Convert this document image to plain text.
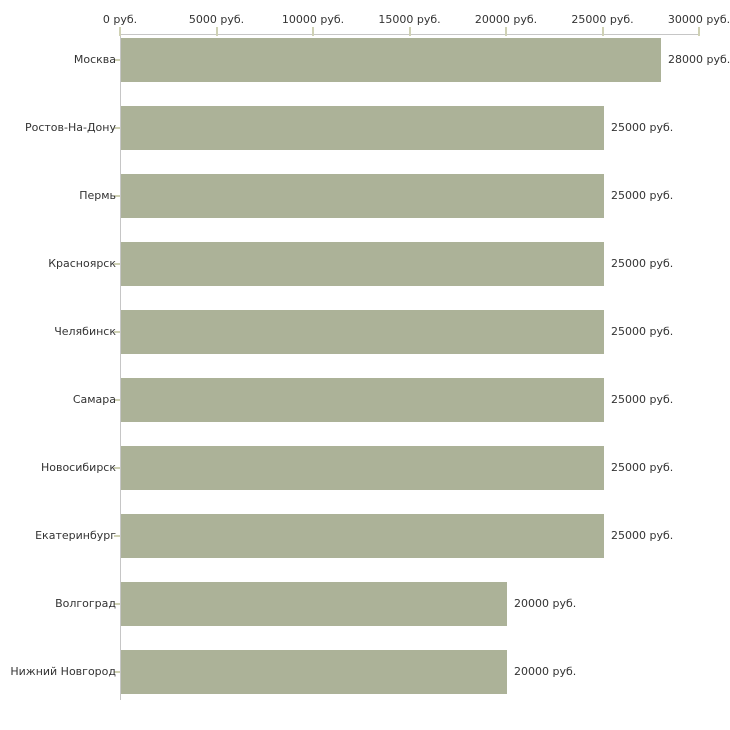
0 руб.	5000 руб.	10000 руб.	15000 руб.	20000 руб.	25000 руб.	30000 руб.
Москва	28000 руб.
Ростов-На-Дону	25000 руб.
Пермь	25000 руб.
Красноярск	25000 руб.
Челябинск	25000 руб.
Самара	25000 руб.
Новосибирск	25000 руб.
Екатеринбург	25000 руб.
Волгоград	20000 руб.
Нижний Новгород	20000 руб.
